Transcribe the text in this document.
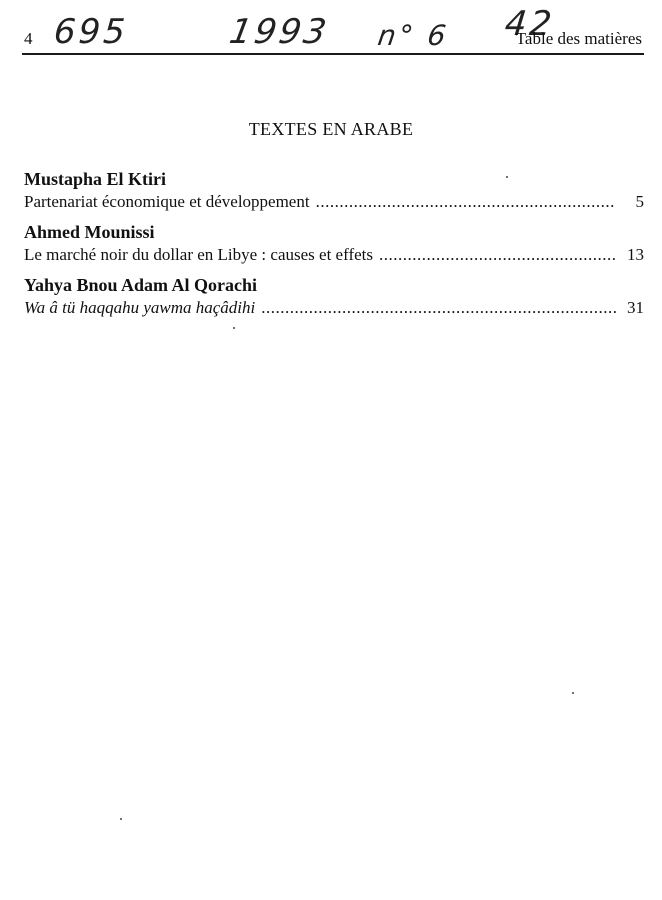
4 695	1993 n° 6 42
Table des matières
TEXTES EN ARABE
Mustapha El Ktiri
Partenariat économique et développement .....	5
Ahmed Mounissi
Le marché noir du dollar en Libye : causes et effets .....	13
Yahya Bnou Adam Al Qorachi
Wa â tü haqqahu yawma haçâdihi .....	31
